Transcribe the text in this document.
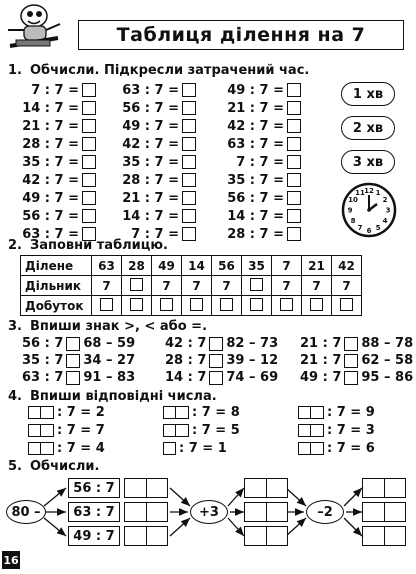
Таблиця ділення на 7
1. Обчисли. Підкресли затрачений час.
7 : 7 =
14 : 7 =
21 : 7 =
28 : 7 =
35 : 7 =
42 : 7 =
49 : 7 =
56 : 7 =
63 : 7 =
63 : 7 =
56 : 7 =
49 : 7 =
42 : 7 =
35 : 7 =
28 : 7 =
21 : 7 =
14 : 7 =
7 : 7 =
49 : 7 =
21 : 7 =
42 : 7 =
63 : 7 =
7 : 7 =
35 : 7 =
56 : 7 =
14 : 7 =
28 : 7 =
1 хв
2 хв
3 хв
12 1
2
3
4
5
6
7
8
9
10
11
2. Заповни таблицю.
Ділене	63	28	49	14	56	35	7	21	42
Дільник	7		7	7	7		7	7	7
Добуток									
3. Впиши знак >, < або =.
56 : 7 68 – 59 42 : 7 82 – 73 21 : 7 88 – 78
35 : 7 34 – 27 28 : 7 39 – 12 21 : 7 62 – 58
63 : 7 91 – 83 14 : 7 74 – 69 49 : 7 95 – 86
4. Впиши відповідні числа.
: 7 = 2
: 7 = 7
: 7 = 4
: 7 = 8
: 7 = 5
: 7 = 1
: 7 = 9
: 7 = 3
: 7 = 6
5. Обчисли.
80 –
56 : 7
63 : 7
49 : 7
+3	–2
16
